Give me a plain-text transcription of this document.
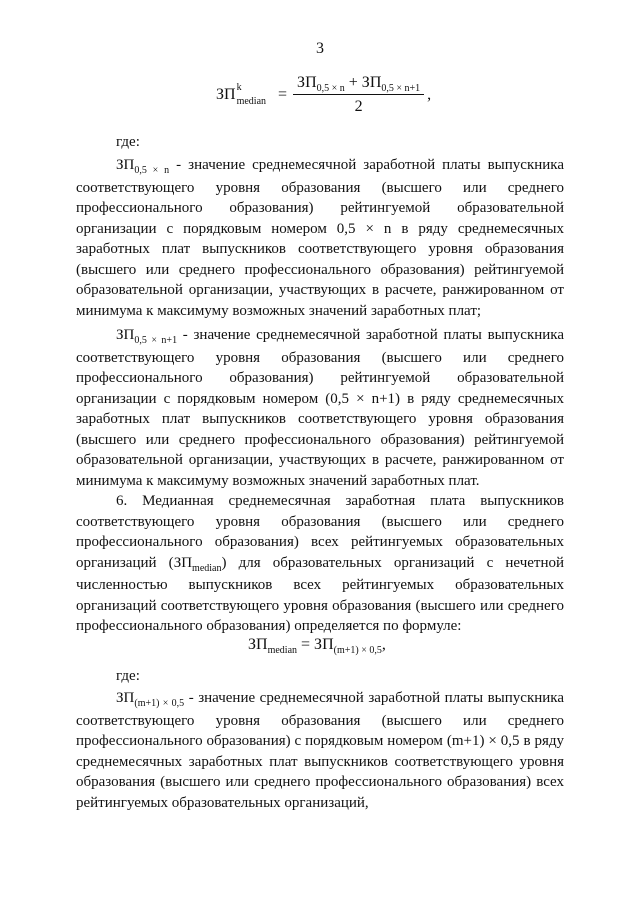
3
ЗП k
median = $\frac{ЗП_{0,5 \times n} + ЗП_{0,5 \times n+1}}{2}$ ,
где:

$ЗП_{0,5 \times n}$ - значение среднемесячной заработной платы выпускника соответствующего уровня образования (высшего или среднего профессионального образования) рейтингуемой образовательной организации с порядковым номером 0,5 × n в ряду среднемесячных заработных плат выпускников соответствующего уровня образования (высшего или среднего профессионального образования) рейтингуемой образовательной организации, участвующих в расчете, ранжированном от минимума к максимуму возможных значений заработных плат;

$ЗП_{0,5 \times n+1}$ - значение среднемесячной заработной платы выпускника соответствующего уровня образования (высшего или среднего профессионального образования) рейтингуемой образовательной организации с порядковым номером (0,5 × n+1) в ряду среднемесячных заработных плат выпускников соответствующего уровня образования (высшего или среднего профессионального образования) рейтингуемой образовательной организации, участвующих в расчете, ранжированном от минимума к максимуму возможных значений заработных плат.

6. Медианная среднемесячная заработная плата выпускников соответствующего уровня образования (высшего или среднего профессионального образования) всех рейтингуемых образовательных организаций $(ЗП_{median})$ для образовательных организаций с нечетной численностью выпускников всех рейтингуемых образовательных организаций соответствующего уровня образования (высшего или среднего профессионального образования) определяется по формуле:

$ЗП_{median} = ЗП_{(m+1) \times 0,5}$,
где:

$ЗП_{(m+1) \times 0,5}$ - значение среднемесячной заработной платы выпускника соответствующего уровня образования (высшего или среднего профессионального образования) с порядковым номером (m+1) × 0,5 в ряду среднемесячных заработных плат выпускников соответствующего уровня образования (высшего или среднего профессионального образования) всех рейтингуемых образовательных организаций,
